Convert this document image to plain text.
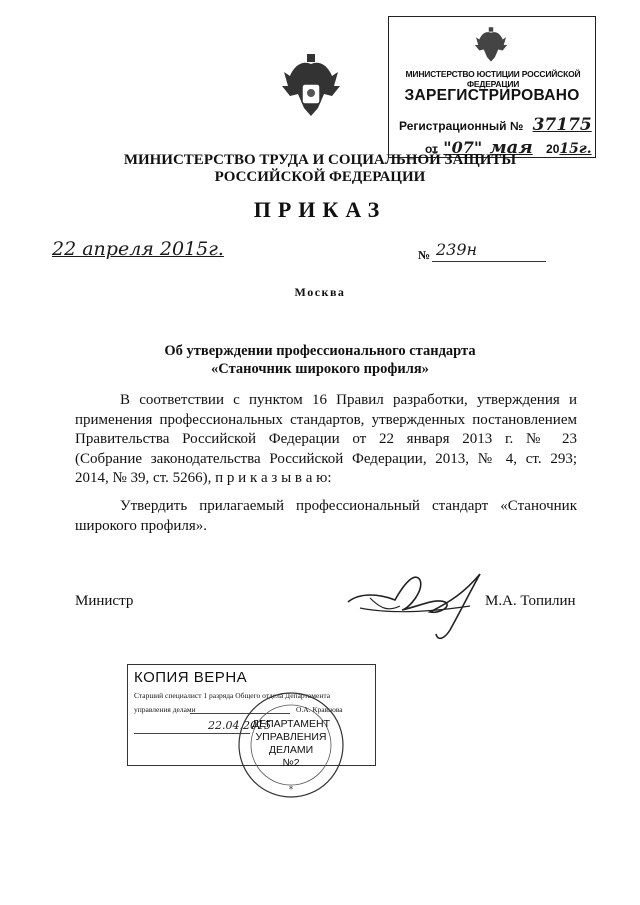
МИНИСТЕРСТВО ЮСТИЦИИ РОССИЙСКОЙ ФЕДЕРАЦИИ
ЗАРЕГИСТРИРОВАНО
Регистрационный № 37175
от "07" мая 2015г.
МИНИСТЕРСТВО ТРУДА И СОЦИАЛЬНОЙ ЗАЩИТЫ
РОССИЙСКОЙ ФЕДЕРАЦИИ
ПРИКАЗ
22 апреля 2015г.	№ 239н
Москва
Об утверждении профессионального стандарта
«Станочник широкого профиля»
В соответствии с пунктом 16 Правил разработки, утверждения и
применения профессиональных стандартов, утвержденных постановлением
Правительства Российской Федерации от 22 января 2013 г. № 23
(Собрание законодательства Российской Федерации, 2013, № 4, ст. 293;
2014, № 39, ст. 5266), п р и к а з ы в а ю:
Утвердить прилагаемый профессиональный стандарт «Станочник
широкого профиля».
Министр	М.А. Топилин
КОПИЯ ВЕРНА
Старший специалист 1 разряда Общего отдела Департамента
управления делами	О.А. Кравцова
22.04.2015
*
ДЕПАРТАМЕНТ
УПРАВЛЕНИЯ
ДЕЛАМИ
№2
